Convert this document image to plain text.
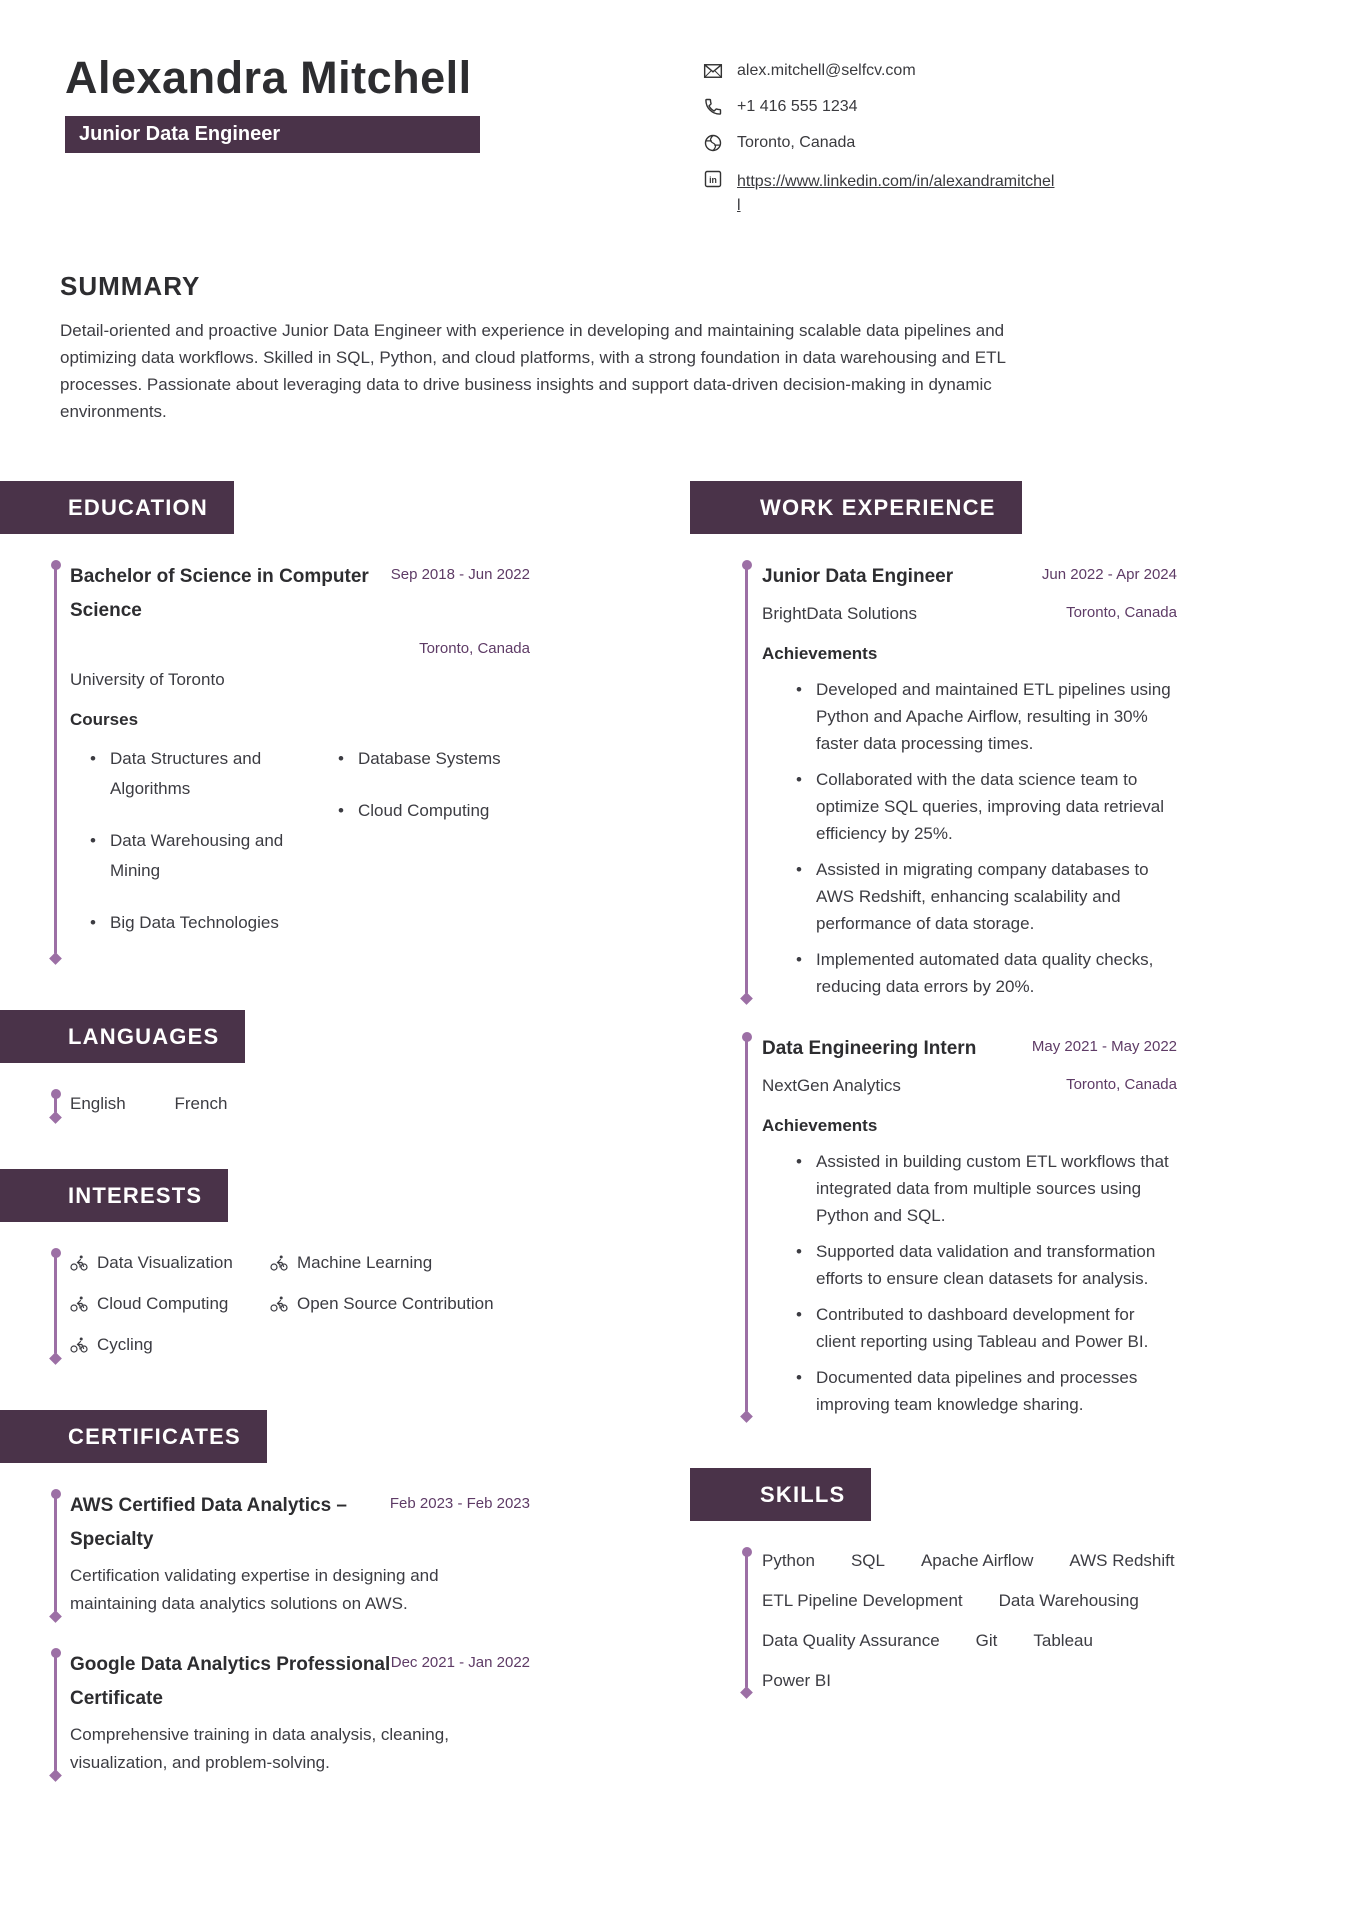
Alexandra Mitchell
Junior Data Engineer
alex.mitchell@selfcv.com
+1 416 555 1234
Toronto, Canada
in https://www.linkedin.com/in/alexandramitchell
SUMMARY

Detail-oriented and proactive Junior Data Engineer with experience in developing and maintaining scalable data pipelines and optimizing data workflows. Skilled in SQL, Python, and cloud platforms, with a strong foundation in data warehousing and ETL processes. Passionate about leveraging data to drive business insights and support data-driven decision-making in dynamic environments.

EDUCATION
Bachelor of Science in Computer Science
Sep 2018 - Jun 2022
Toronto, Canada
University of Toronto
Courses
• Data Structures and Algorithms
• Data Warehousing and Mining
• Big Data Technologies
• Database Systems
• Cloud Computing
LANGUAGES
English	French
INTERESTS
Data Visualization	Machine Learning
Cloud Computing	Open Source Contribution
Cycling
CERTIFICATES
AWS Certified Data Analytics – Specialty
Feb 2023 - Feb 2023
Certification validating expertise in designing and maintaining data analytics solutions on AWS.
Google Data Analytics Professional Certificate
Dec 2021 - Jan 2022
Comprehensive training in data analysis, cleaning, visualization, and problem-solving.
WORK EXPERIENCE
Junior Data Engineer
BrightData Solutions
Jun 2022 - Apr 2024
Toronto, Canada
Achievements
• Developed and maintained ETL pipelines using Python and Apache Airflow, resulting in 30% faster data processing times.
• Collaborated with the data science team to optimize SQL queries, improving data retrieval efficiency by 25%.
• Assisted in migrating company databases to AWS Redshift, enhancing scalability and performance of data storage.
• Implemented automated data quality checks, reducing data errors by 20%.
Data Engineering Intern
NextGen Analytics
May 2021 - May 2022
Toronto, Canada
Achievements
• Assisted in building custom ETL workflows that integrated data from multiple sources using Python and SQL.
• Supported data validation and transformation efforts to ensure clean datasets for analysis.
• Contributed to dashboard development for client reporting using Tableau and Power BI.
• Documented data pipelines and processes improving team knowledge sharing.
SKILLS
Python SQL Apache Airflow AWS Redshift
ETL Pipeline Development Data Warehousing
Data Quality Assurance Git Tableau
Power BI
